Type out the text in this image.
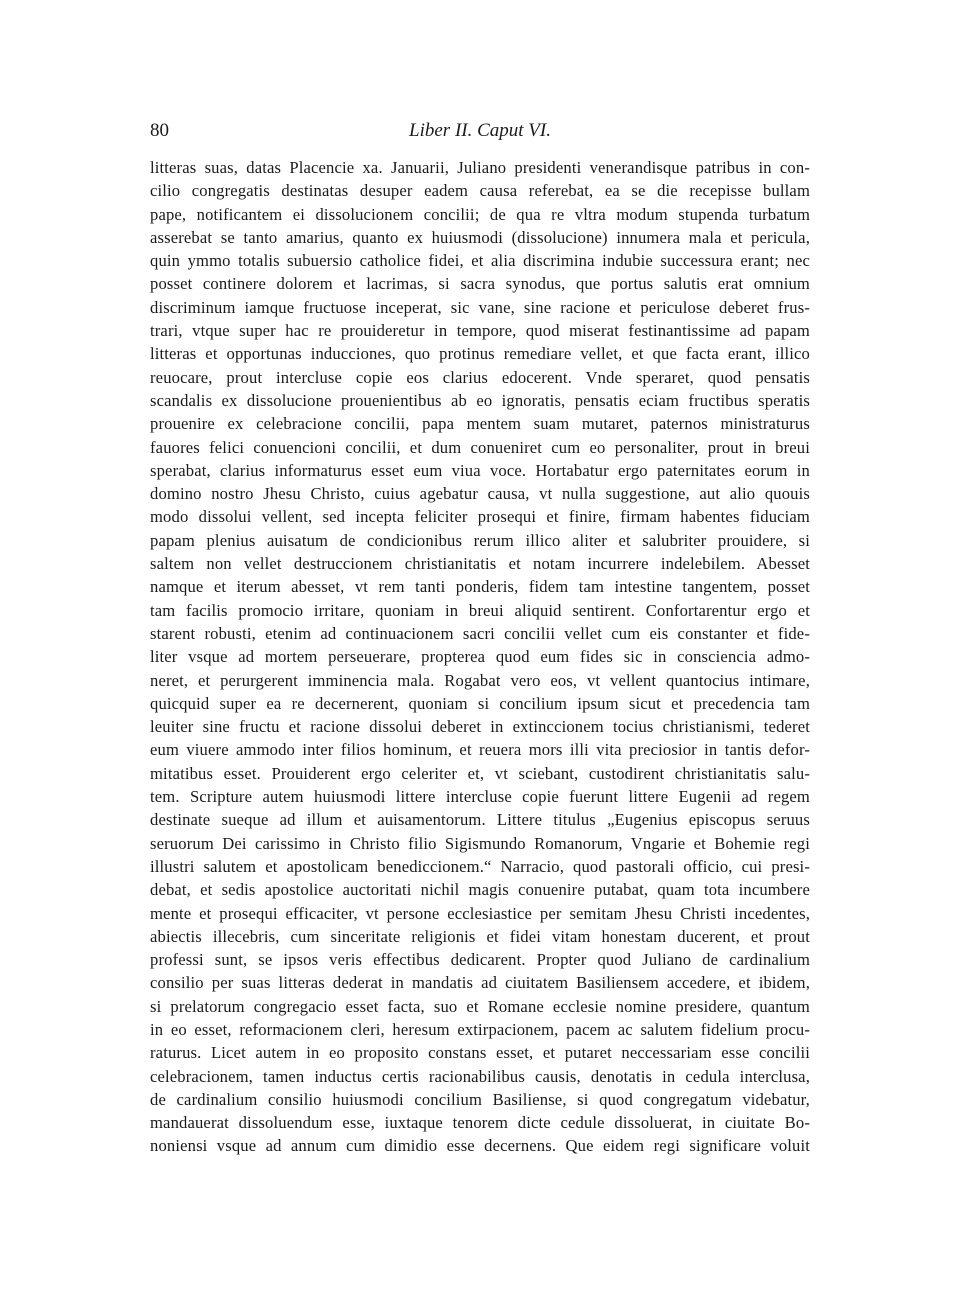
80	Liber II. Caput VI.
litteras suas, datas Placencie xa. Januarii, Juliano presidenti venerandisque patribus in con-
cilio congregatis destinatas desuper eadem causa referebat, ea se die recepisse bullam
pape, notificantem ei dissolucionem concilii; de qua re vltra modum stupenda turbatum
asserebat se tanto amarius, quanto ex huiusmodi (dissolucione) innumera mala et pericula,
quin ymmo totalis subuersio catholice fidei, et alia discrimina indubie successura erant; nec
posset continere dolorem et lacrimas, si sacra synodus, que portus salutis erat omnium
discriminum iamque fructuose inceperat, sic vane, sine racione et periculose deberet frus-
trari, vtque super hac re prouideretur in tempore, quod miserat festinantissime ad papam
litteras et opportunas inducciones, quo protinus remediare vellet, et que facta erant, illico
reuocare, prout intercluse copie eos clarius edocerent. Vnde speraret, quod pensatis
scandalis ex dissolucione prouenientibus ab eo ignoratis, pensatis eciam fructibus speratis
prouenire ex celebracione concilii, papa mentem suam mutaret, paternos ministraturus
fauores felici conuencioni concilii, et dum conueniret cum eo personaliter, prout in breui
sperabat, clarius informaturus esset eum viua voce. Hortabatur ergo paternitates eorum in
domino nostro Jhesu Christo, cuius agebatur causa, vt nulla suggestione, aut alio quouis
modo dissolui vellent, sed incepta feliciter prosequi et finire, firmam habentes fiduciam
papam plenius auisatum de condicionibus rerum illico aliter et salubriter prouidere, si
saltem non vellet destruccionem christianitatis et notam incurrere indelebilem. Abesset
namque et iterum abesset, vt rem tanti ponderis, fidem tam intestine tangentem, posset
tam facilis promocio irritare, quoniam in breui aliquid sentirent. Confortarentur ergo et
starent robusti, etenim ad continuacionem sacri concilii vellet cum eis constanter et fide-
liter vsque ad mortem perseuerare, propterea quod eum fides sic in consciencia admo-
neret, et perurgerent imminencia mala. Rogabat vero eos, vt vellent quantocius intimare,
quicquid super ea re decernerent, quoniam si concilium ipsum sicut et precedencia tam
leuiter sine fructu et racione dissolui deberet in extinccionem tocius christianismi, tederet
eum viuere ammodo inter filios hominum, et reuera mors illi vita preciosior in tantis defor-
mitatibus esset. Prouiderent ergo celeriter et, vt sciebant, custodirent christianitatis salu-
tem. Scripture autem huiusmodi littere intercluse copie fuerunt littere Eugenii ad regem
destinate sueque ad illum et auisamentorum. Littere titulus „Eugenius episcopus seruus
seruorum Dei carissimo in Christo filio Sigismundo Romanorum, Vngarie et Bohemie regi
illustri salutem et apostolicam benediccionem.“ Narracio, quod pastorali officio, cui presi-
debat, et sedis apostolice auctoritati nichil magis conuenire putabat, quam tota incumbere
mente et prosequi efficaciter, vt persone ecclesiastice per semitam Jhesu Christi incedentes,
abiectis illecebris, cum sinceritate religionis et fidei vitam honestam ducerent, et prout
professi sunt, se ipsos veris effectibus dedicarent. Propter quod Juliano de cardinalium
consilio per suas litteras dederat in mandatis ad ciuitatem Basiliensem accedere, et ibidem,
si prelatorum congregacio esset facta, suo et Romane ecclesie nomine presidere, quantum
in eo esset, reformacionem cleri, heresum extirpacionem, pacem ac salutem fidelium procu-
raturus. Licet autem in eo proposito constans esset, et putaret neccessariam esse concilii
celebracionem, tamen inductus certis racionabilibus causis, denotatis in cedula interclusa,
de cardinalium consilio huiusmodi concilium Basiliense, si quod congregatum videbatur,
mandauerat dissoluendum esse, iuxtaque tenorem dicte cedule dissoluerat, in ciuitate Bo-
noniensi vsque ad annum cum dimidio esse decernens. Que eidem regi significare voluit
